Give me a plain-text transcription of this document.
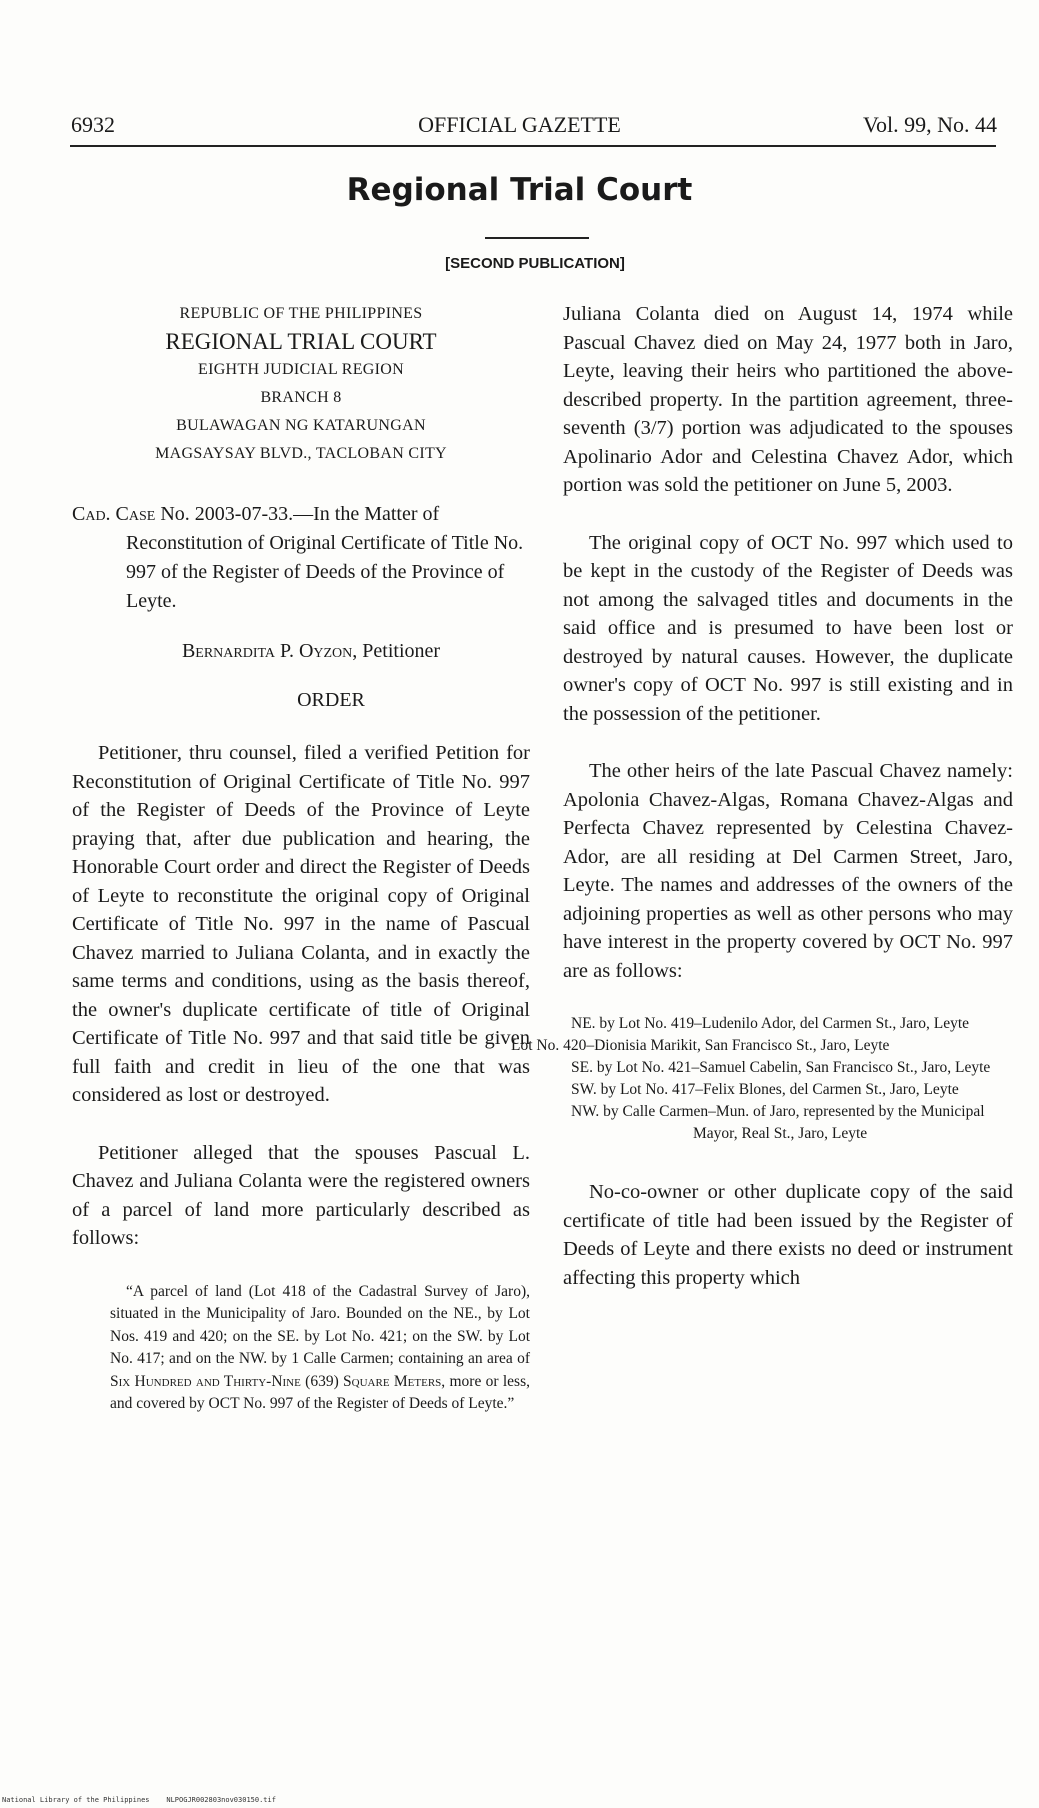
6932	OFFICIAL GAZETTE	Vol. 99, No. 44
Regional Trial Court
[SECOND PUBLICATION]
REPUBLIC OF THE PHILIPPINES
REGIONAL TRIAL COURT
EIGHTH JUDICIAL REGION
BRANCH 8
BULAWAGAN NG KATARUNGAN
MAGSAYSAY BLVD., TACLOBAN CITY
Cad. Case No. 2003-07-33.—In the Matter of Reconstitution of Original Certificate of Title No. 997 of the Register of Deeds of the Province of Leyte.
Bernardita P. Oyzon, Petitioner
ORDER

Petitioner, thru counsel, filed a verified Petition for Reconstitution of Original Certificate of Title No. 997 of the Register of Deeds of the Province of Leyte praying that, after due publication and hearing, the Honorable Court order and direct the Register of Deeds of Leyte to reconstitute the original copy of Original Certificate of Title No. 997 in the name of Pascual Chavez married to Juliana Colanta, and in exactly the same terms and conditions, using as the basis thereof, the owner's duplicate certificate of title of Original Certificate of Title No. 997 and that said title be given full faith and credit in lieu of the one that was considered as lost or destroyed.

Petitioner alleged that the spouses Pascual L. Chavez and Juliana Colanta were the registered owners of a parcel of land more particularly described as follows:

“A parcel of land (Lot 418 of the Cadastral Survey of Jaro), situated in the Municipality of Jaro. Bounded on the NE., by Lot Nos. 419 and 420; on the SE. by Lot No. 421; on the SW. by Lot No. 417; and on the NW. by 1 Calle Carmen; containing an area of Six Hundred and Thirty-Nine (639) Square Meters, more or less, and covered by OCT No. 997 of the Register of Deeds of Leyte.”

Juliana Colanta died on August 14, 1974 while Pascual Chavez died on May 24, 1977 both in Jaro, Leyte, leaving their heirs who partitioned the above-described property. In the partition agreement, three-seventh (3/7) portion was adjudicated to the spouses Apolinario Ador and Celestina Chavez Ador, which portion was sold the petitioner on June 5, 2003.

The original copy of OCT No. 997 which used to be kept in the custody of the Register of Deeds was not among the salvaged titles and documents in the said office and is presumed to have been lost or destroyed by natural causes. However, the duplicate owner's copy of OCT No. 997 is still existing and in the possession of the petitioner.

The other heirs of the late Pascual Chavez namely: Apolonia Chavez-Algas, Romana Chavez-Algas and Perfecta Chavez represented by Celestina Chavez-Ador, are all residing at Del Carmen Street, Jaro, Leyte. The names and addresses of the owners of the adjoining properties as well as other persons who may have interest in the property covered by OCT No. 997 are as follows:

NE. by Lot No. 419–Ludenilo Ador, del Carmen St., Jaro, Leyte
Lot No. 420–Dionisia Marikit, San Francisco St., Jaro, Leyte
SE. by Lot No. 421–Samuel Cabelin, San Francisco St., Jaro, Leyte
SW. by Lot No. 417–Felix Blones, del Carmen St., Jaro, Leyte
NW. by Calle Carmen–Mun. of Jaro, represented by the Municipal Mayor, Real St., Jaro, Leyte

No-co-owner or other duplicate copy of the said certificate of title had been issued by the Register of Deeds of Leyte and there exists no deed or instrument affecting this property which

National Library of the Philippines NLPOGJR002803nov030150.tif
